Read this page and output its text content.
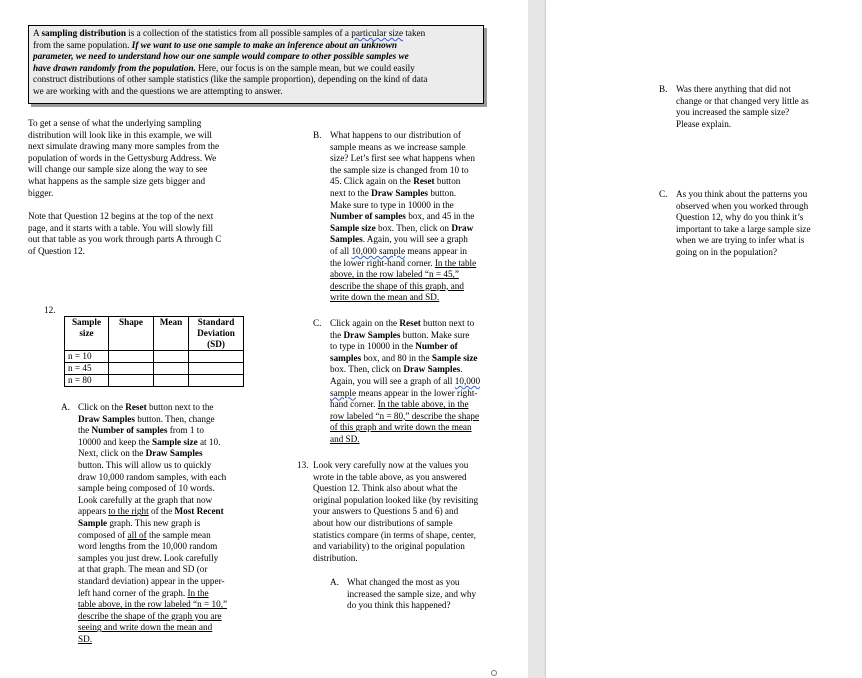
A sampling distribution is a collection of the statistics from all possible samples of a particular size taken

from the same population. If we want to use one sample to make an inference about an unknown

parameter, we need to understand how our one sample would compare to other possible samples we

have drawn randomly from the population. Here, our focus is on the sample mean, but we could easily

construct distributions of other sample statistics (like the sample proportion), depending on the kind of data

we are working with and the questions we are attempting to answer.

To get a sense of what the underlying sampling
distribution will look like in this example, we will
next simulate drawing many more samples from the
population of words in the Gettysburg Address. We
will change our sample size along the way to see
what happens as the sample size gets bigger and
bigger.
Note that Question 12 begins at the top of the next
page, and it starts with a table. You will slowly fill
out that table as you work through parts A through C
of Question 12.
12.
Sample
size	Shape	Mean	Standard
Deviation
(SD)
n = 10			
n = 45			
n = 80			
A. Click on the Reset button next to the
Draw Samples button. Then, change
the Number of samples from 1 to
10000 and keep the Sample size at 10.
Next, click on the Draw Samples
button. This will allow us to quickly
draw 10,000 random samples, with each
sample being composed of 10 words.
Look carefully at the graph that now
appears to the right of the Most Recent
Sample graph. This new graph is
composed of all of the sample mean
word lengths from the 10,000 random
samples you just drew. Look carefully
at that graph. The mean and SD (or
standard deviation) appear in the upper-
left hand corner of the graph. In the
table above, in the row labeled “n = 10,”
describe the shape of the graph you are
seeing and write down the mean and
SD.
B. What happens to our distribution of
sample means as we increase sample
size? Let’s first see what happens when
the sample size is changed from 10 to
45. Click again on the Reset button
next to the Draw Samples button.
Make sure to type in 10000 in the
Number of samples box, and 45 in the
Sample size box. Then, click on Draw
Samples. Again, you will see a graph
of all 10,000 sample means appear in
the lower right-hand corner. In the table
above, in the row labeled “n = 45,”
describe the shape of this graph, and
write down the mean and SD.
C. Click again on the Reset button next to
the Draw Samples button. Make sure
to type in 10000 in the Number of
samples box, and 80 in the Sample size
box. Then, click on Draw Samples.
Again, you will see a graph of all 10,000
sample means appear in the lower right-
hand corner. In the table above, in the
row labeled “n = 80,” describe the shape
of this graph and write down the mean
and SD.
13. Look very carefully now at the values you
wrote in the table above, as you answered
Question 12. Think also about what the
original population looked like (by revisiting
your answers to Questions 5 and 6) and
about how our distributions of sample
statistics compare (in terms of shape, center,
and variability) to the original population
distribution.
A. What changed the most as you
increased the sample size, and why
do you think this happened?
B. Was there anything that did not
change or that changed very little as
you increased the sample size?
Please explain.
C. As you think about the patterns you
observed when you worked through
Question 12, why do you think it’s
important to take a large sample size
when we are trying to infer what is
going on in the population?
